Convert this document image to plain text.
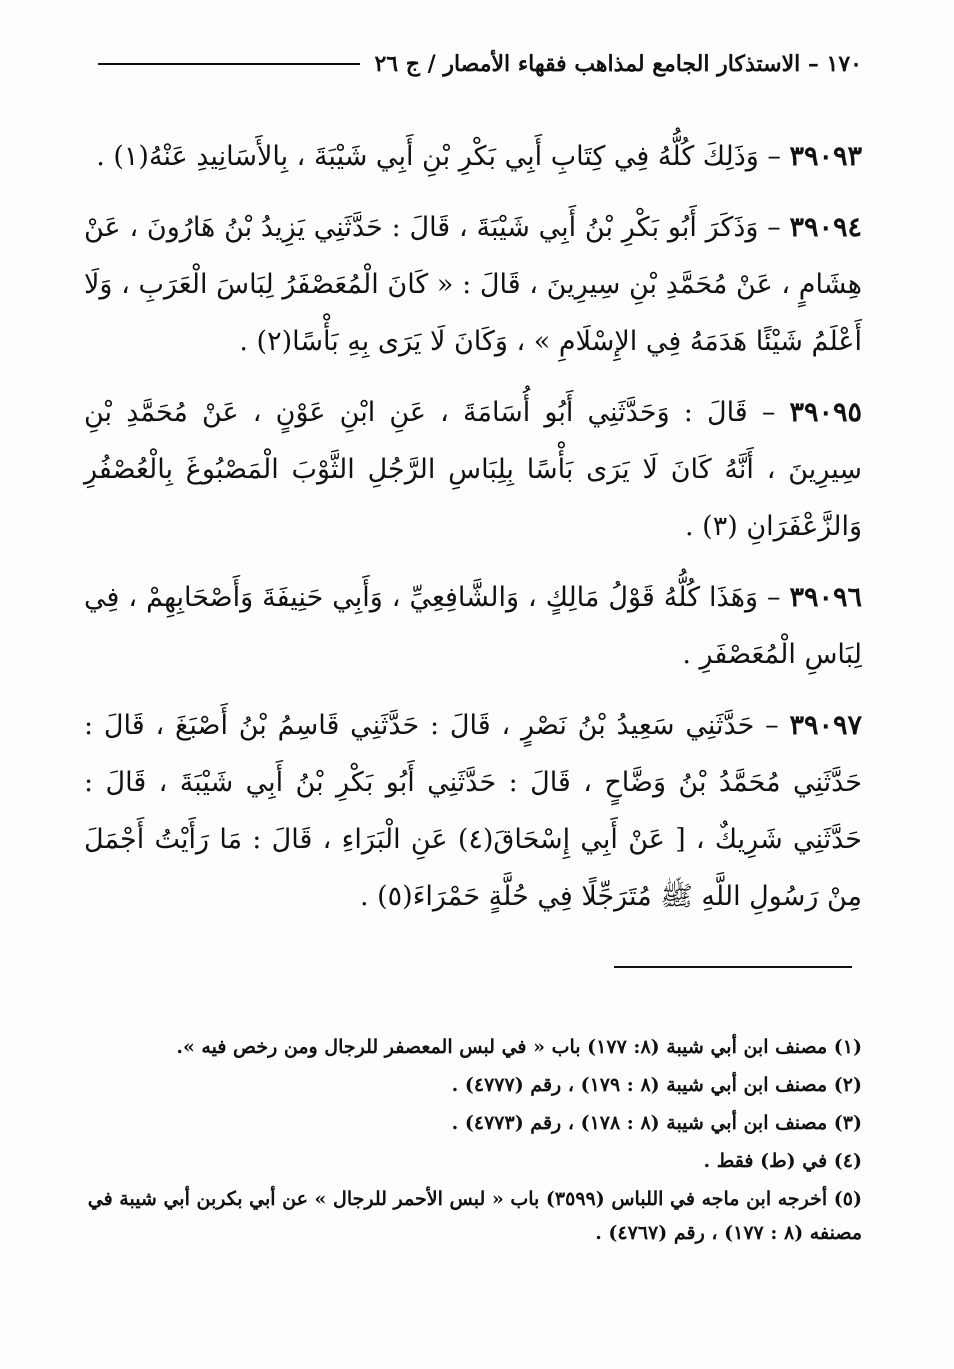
١٧٠ – الاستذكار الجامع لمذاهب فقهاء الأمصار / ج ٢٦

٣٩٠٩٣ – وَذَلِكَ كُلُّهُ فِي كِتَابِ أَبِي بَكْرِ بْنِ أَبِي شَيْبَةَ ، بِالأَسَانِيدِ عَنْهُ(١) .

٣٩٠٩٤ – وَذَكَرَ أَبُو بَكْرِ بْنُ أَبِي شَيْبَةَ ، قَالَ : حَدَّثَنِي يَزِيدُ بْنُ هَارُونَ ، عَنْ هِشَامٍ ، عَنْ مُحَمَّدِ بْنِ سِيرِينَ ، قَالَ : « كَانَ الْمُعَصْفَرُ لِبَاسَ الْعَرَبِ ، وَلَا أَعْلَمُ شَيْئًا هَدَمَهُ فِي الإِسْلَامِ » ، وَكَانَ لَا يَرَى بِهِ بَأْسًا(٢) .

٣٩٠٩٥ – قَالَ : وَحَدَّثَنِي أَبُو أُسَامَةَ ، عَنِ ابْنِ عَوْنٍ ، عَنْ مُحَمَّدِ بْنِ سِيرِينَ ، أَنَّهُ كَانَ لَا يَرَى بَأْسًا بِلِبَاسِ الرَّجُلِ الثَّوْبَ الْمَصْبُوغَ بِالْعُصْفُرِ وَالزَّعْفَرَانِ (٣) .

٣٩٠٩٦ – وَهَذَا كُلُّهُ قَوْلُ مَالِكٍ ، وَالشَّافِعِيِّ ، وَأَبِي حَنِيفَةَ وَأَصْحَابِهِمْ ، فِي لِبَاسِ الْمُعَصْفَرِ .

٣٩٠٩٧ – حَدَّثَنِي سَعِيدُ بْنُ نَصْرٍ ، قَالَ : حَدَّثَنِي قَاسِمُ بْنُ أَصْبَغَ ، قَالَ : حَدَّثَنِي مُحَمَّدُ بْنُ وَضَّاحٍ ، قَالَ : حَدَّثَنِي أَبُو بَكْرِ بْنُ أَبِي شَيْبَةَ ، قَالَ : حَدَّثَنِي شَرِيكٌ ، [ عَنْ أَبِي إِسْحَاقَ(٤) عَنِ الْبَرَاءِ ، قَالَ : مَا رَأَيْتُ أَجْمَلَ مِنْ رَسُولِ اللَّهِ ﷺ مُتَرَجِّلًا فِي حُلَّةٍ حَمْرَاءَ(٥) .

(١) مصنف ابن أبي شيبة (٨: ١٧٧) باب « في لبس المعصفر للرجال ومن رخص فيه ».

(٢) مصنف ابن أبي شيبة (٨ : ١٧٩) ، رقم (٤٧٧٧) .

(٣) مصنف ابن أبي شيبة (٨ : ١٧٨) ، رقم (٤٧٧٣) .

(٤) في (ط) فقط .

(٥) أخرجه ابن ماجه في اللباس (٣٥٩٩) باب « لبس الأحمر للرجال » عن أبي بكربن أبي شيبة في مصنفه (٨ : ١٧٧) ، رقم (٤٧٦٧) .
